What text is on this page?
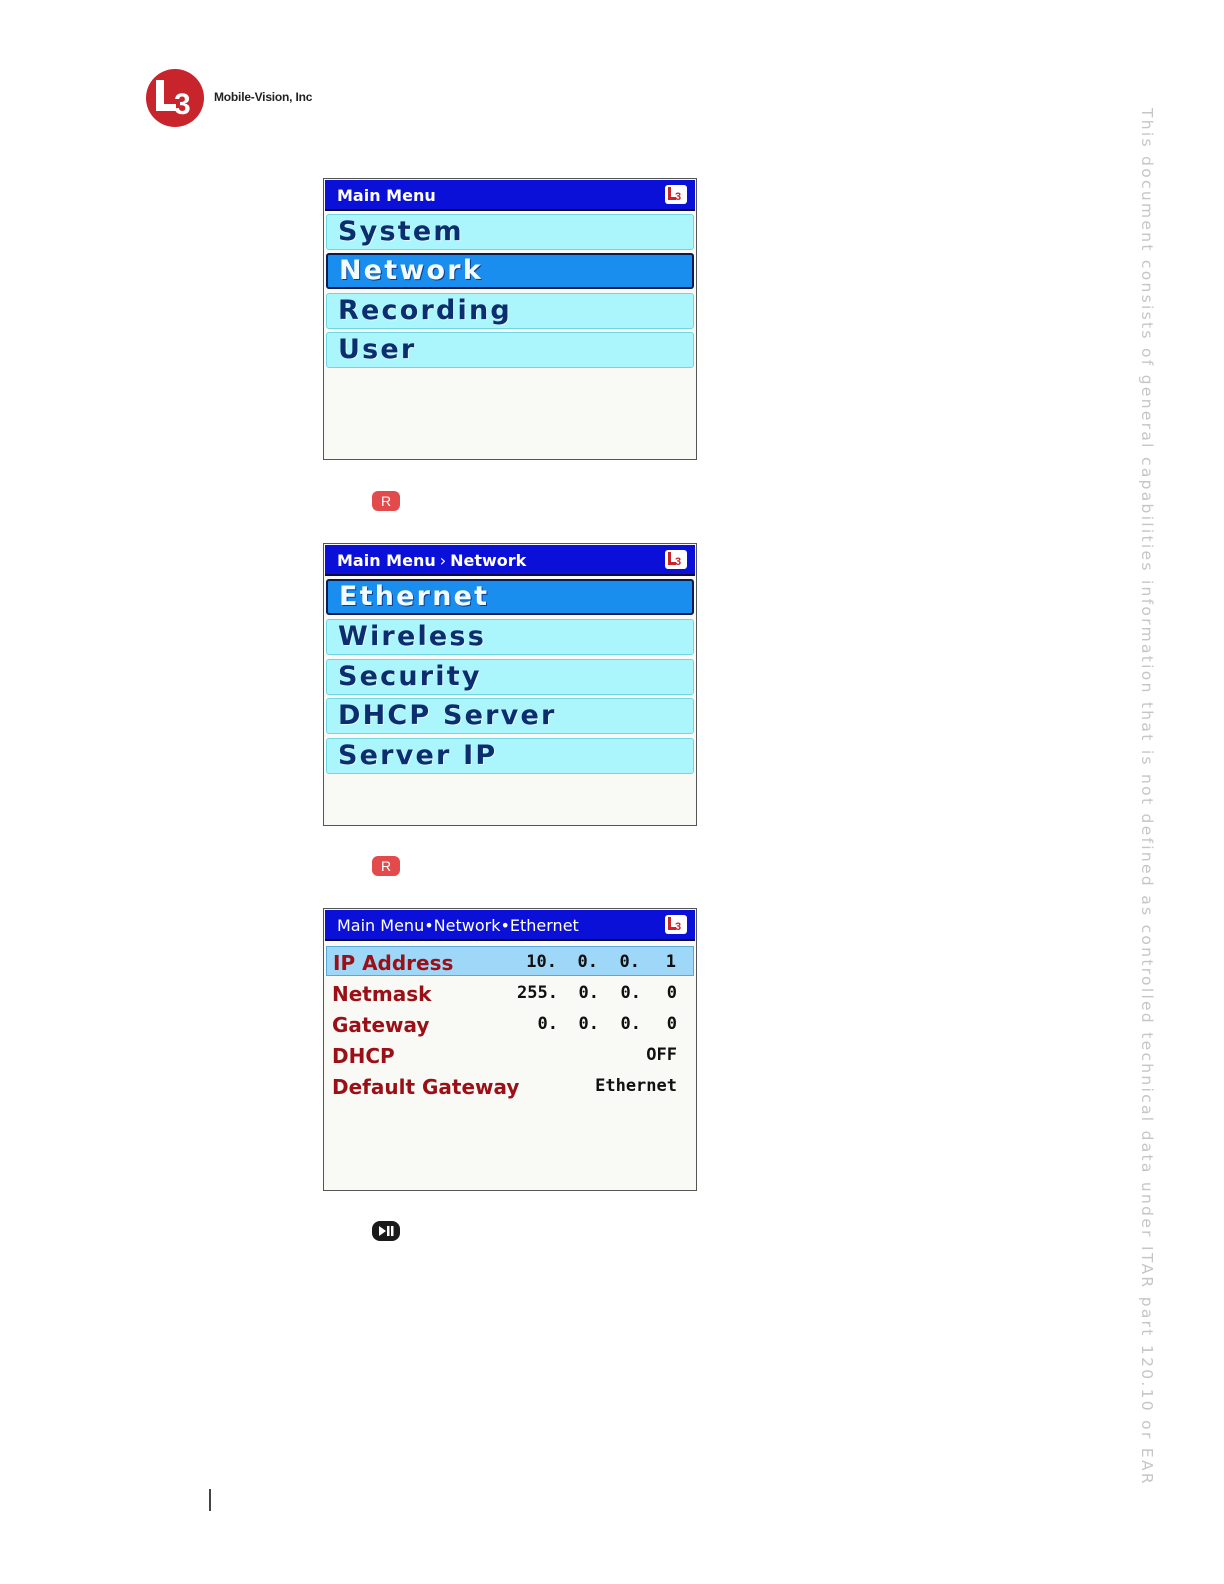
3 Mobile-Vision, Inc
This document consists of general capabilities information that is not defined as controlled technical data under ITAR part 120.10 or EAR
Main Menu	3
System
Network
Recording
User
R
Main Menu › Network	3
Ethernet
Wireless
Security
DHCP Server
Server IP
R
Main Menu•Network•Ethernet	3
IP Address	10. 0. 0. 1
Netmask	255. 0. 0. 0
Gateway	0. 0. 0. 0
DHCP	OFF
Default Gateway	Ethernet
